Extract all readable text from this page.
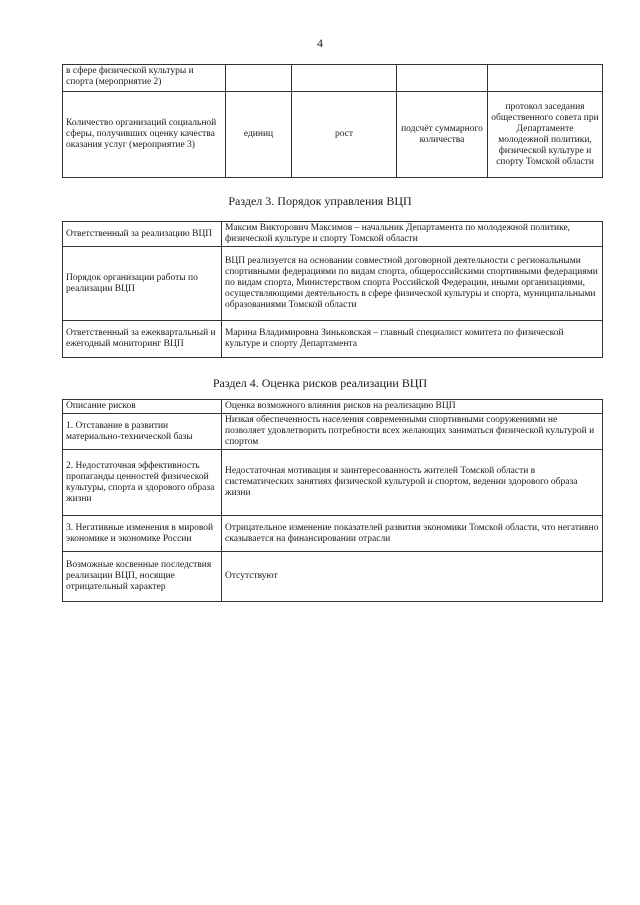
4
в сфере физической культуры и спорта (мероприятие 2)				
Количество организаций социальной сферы, получивших оценку качества оказания услуг (мероприятие 3)	единиц	рост	подсчёт суммарного количества	протокол заседания общественного совета при Департаменте молодежной политики, физической культуре и спорту Томской области
Раздел 3. Порядок управления ВЦП
Ответственный за реализацию ВЦП	Максим Викторович Максимов – начальник Департамента по молодежной политике, физической культуре и спорту Томской области
Порядок организации работы по реализации ВЦП	ВЦП реализуется на основании совместной договорной деятельности с региональными спортивными федерациями по видам спорта, общероссийскими спортивными федерациями по видам спорта, Министерством спорта Российской Федерации, иными организациями, осуществляющими деятельность в сфере физической культуры и спорта, муниципальными образованиями Томской области
Ответственный за ежеквартальный и ежегодный мониторинг ВЦП	Марина Владимировна Зиньковская – главный специалист комитета по физической культуре и спорту Департамента
Раздел 4. Оценка рисков реализации ВЦП
Описание рисков	Оценка возможного влияния рисков на реализацию ВЦП
1. Отставание в развитии материально-технической базы	Низкая обеспеченность населения современными спортивными сооружениями не позволяет удовлетворить потребности всех желающих заниматься физической культурой и спортом
2. Недостаточная эффективность пропаганды ценностей физической культуры, спорта и здорового образа жизни	Недостаточная мотивация и заинтересованность жителей Томской области в систематических занятиях физической культурой и спортом, ведении здорового образа жизни
3. Негативные изменения в мировой экономике и экономике России	Отрицательное изменение показателей развития экономики Томской области, что негативно сказывается на финансировании отрасли
Возможные косвенные последствия реализации ВЦП, носящие отрицательный характер	Отсутствуют
